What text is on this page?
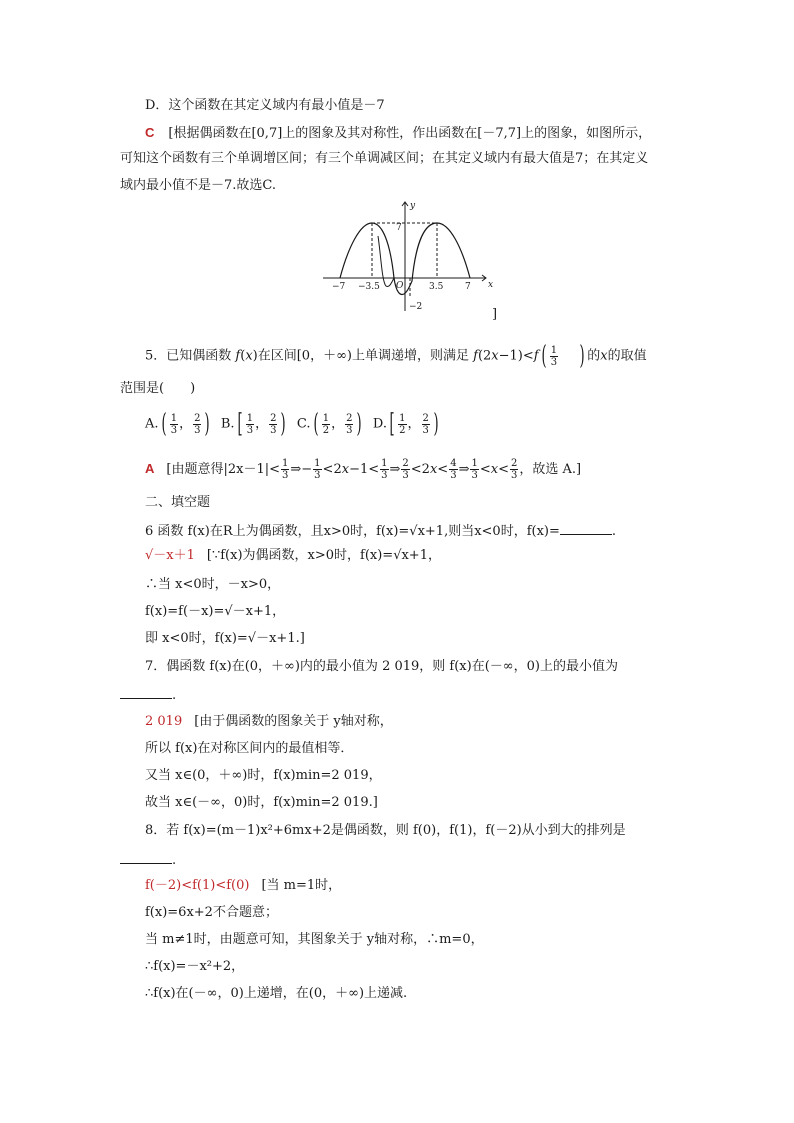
D．这个函数在其定义域内有最小值是－7
C [根据偶函数在[0,7]上的图象及其对称性，作出函数在[－7,7]上的图象，如图所示，
可知这个函数有三个单调增区间；有三个单调减区间；在其定义域内有最大值是7；在其定义
域内最小值不是－7.故选C.
−7 −3.5 O	3.5 7 x
y
7
−2	]
5．已知偶函数 f(x)在区间[0，＋∞)上单调递增，则满足 $f(2x-1)<f( \frac{1}{3}$ ) 的x的取值
范围是(　　)
$A.( \frac{1}{3}$ ， $\frac{2}{3}$ )  $B.[ \frac{1}{3}$ ， $\frac{2}{3}$ )  $C.( \frac{1}{2}$ ， $\frac{2}{3}$ )  $D.[ \frac{1}{2}$ ， $\frac{2}{3}$ )
A [由题意得$|2x-1|< \frac{1}{3}$ ⇒− $\frac{1}{3} <2x-1< \frac{1}{3}$ ⇒ $\frac{2}{3} <2x< \frac{4}{3}$ ⇒ $\frac{1}{3} <x< \frac{2}{3}$ ，故选 A.]
二、填空题
6 函数 f(x)在R上为偶函数，且x>0时，f(x)=√x+1,则当x<0时，f(x)=	.
√－x＋1 [∵f(x)为偶函数，x>0时，f(x)=√x+1，
∴当 x<0时，－x>0，
f(x)=f(－x)=√－x+1，
即 x<0时，f(x)=√－x+1.]
7．偶函数 f(x)在(0，＋∞)内的最小值为 2 019，则 f(x)在(－∞，0)上的最小值为
.
2 019 [由于偶函数的图象关于 y轴对称，
所以 f(x)在对称区间内的最值相等．
又当 x∈(0，＋∞)时，f(x)min=2 019，
故当 x∈(－∞，0)时，f(x)min=2 019.]
8．若 f(x)=(m－1)x²+6mx+2是偶函数，则 f(0)，f(1)，f(－2)从小到大的排列是
.
f(－2)<f(1)<f(0) [当 m=1时，
f(x)=6x+2不合题意；
当 m≠1时，由题意可知，其图象关于 y轴对称，∴m=0，
∴f(x)=－x²+2，
∴f(x)在(－∞，0)上递增，在(0，＋∞)上递减.
